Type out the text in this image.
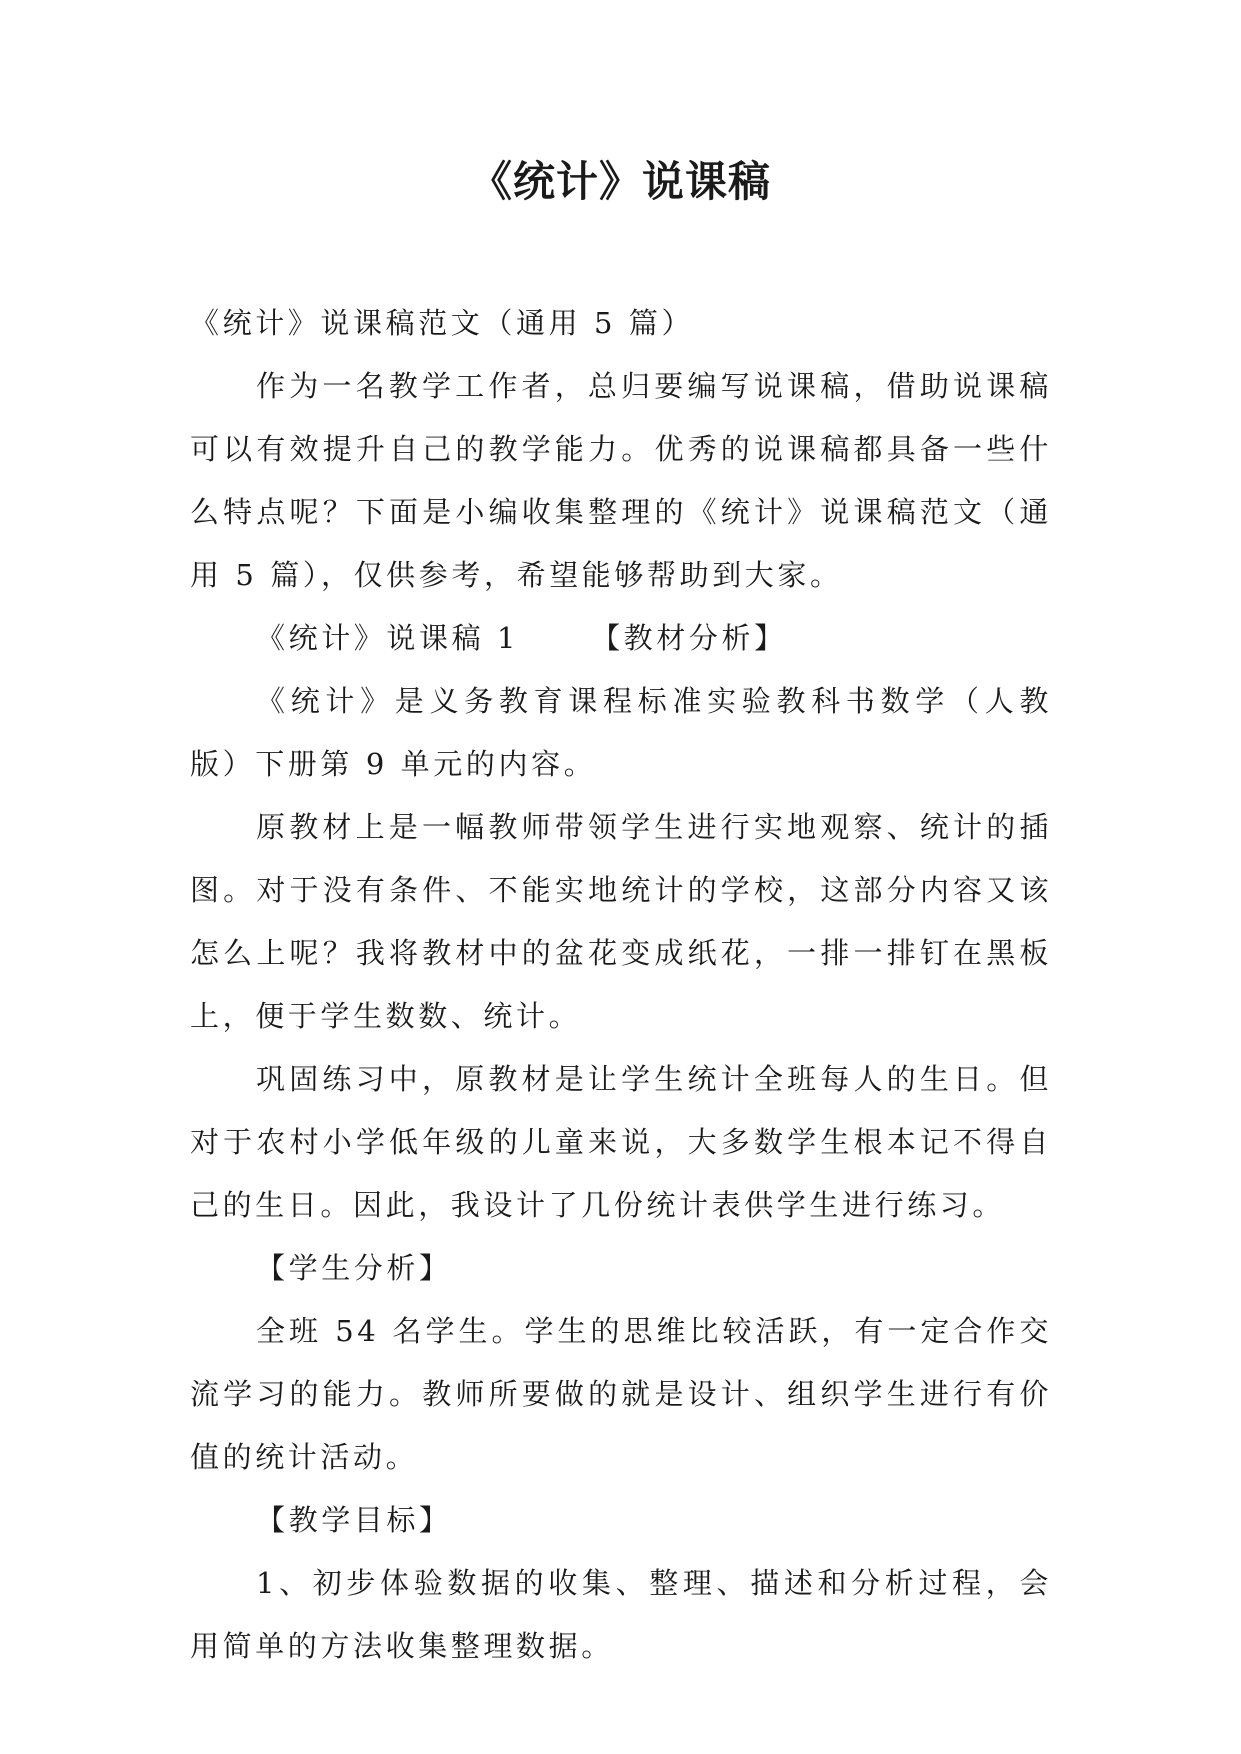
《统计》说课稿

《统计》说课稿范文（通用 5 篇）

作为一名教学工作者，总归要编写说课稿，借助说课稿可以有效提升自己的教学能力。优秀的说课稿都具备一些什么特点呢？下面是小编收集整理的《统计》说课稿范文（通用 5 篇），仅供参考，希望能够帮助到大家。

《统计》说课稿 1 【教材分析】

《统计》是义务教育课程标准实验教科书数学（人教版）下册第 9 单元的内容。

原教材上是一幅教师带领学生进行实地观察、统计的插图。对于没有条件、不能实地统计的学校，这部分内容又该怎么上呢？我将教材中的盆花变成纸花，一排一排钉在黑板上，便于学生数数、统计。

巩固练习中，原教材是让学生统计全班每人的生日。但对于农村小学低年级的儿童来说，大多数学生根本记不得自己的生日。因此，我设计了几份统计表供学生进行练习。

【学生分析】

全班 54 名学生。学生的思维比较活跃，有一定合作交流学习的能力。教师所要做的就是设计、组织学生进行有价值的统计活动。

【教学目标】

1、初步体验数据的收集、整理、描述和分析过程，会用简单的方法收集整理数据。
